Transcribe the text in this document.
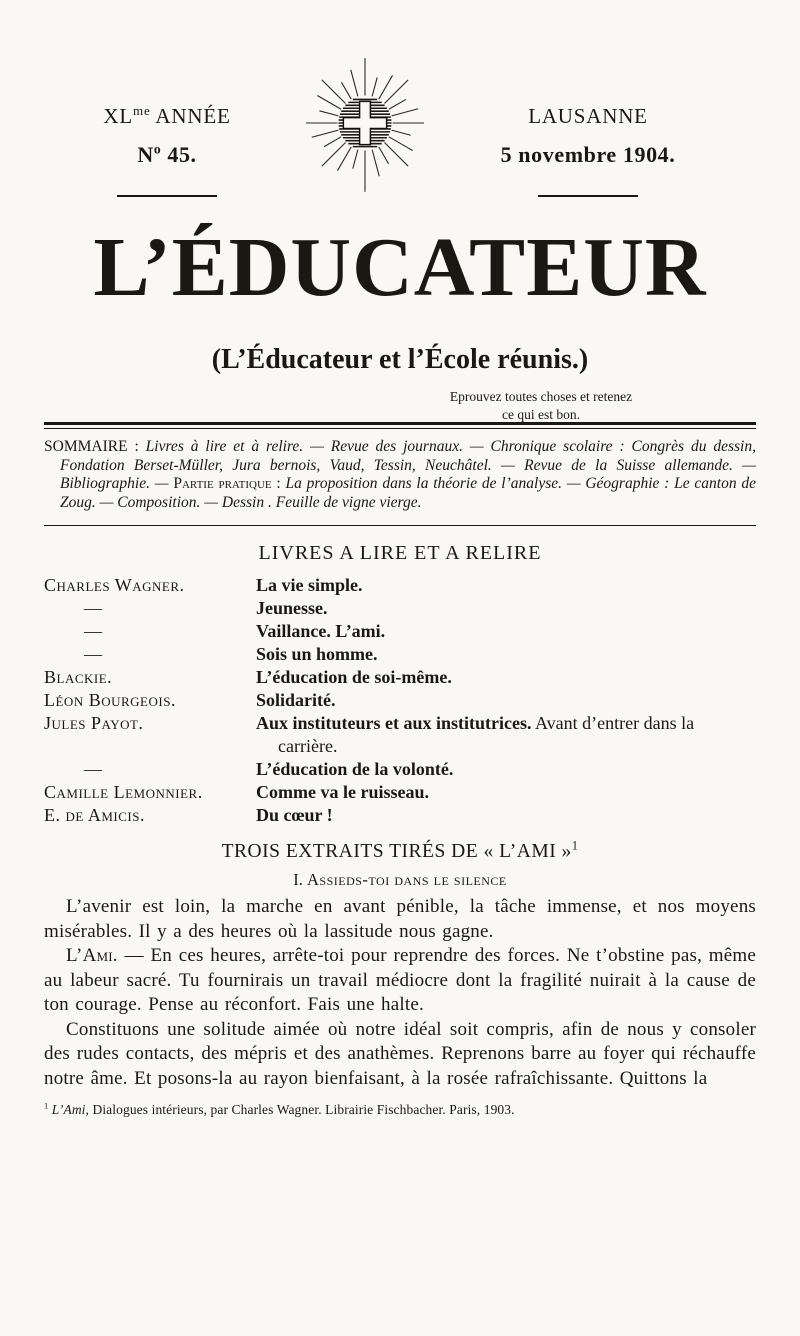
$XL^{me}$ ANNÉE
$N^o$ 45.
LAUSANNE
5 novembre 1904.
L’ÉDUCATEUR
(L’Éducateur et l’École réunis.)
Eprouvez toutes choses et retenez
ce qui est bon.

SOMMAIRE : Livres à lire et à relire. — Revue des journaux. — Chronique scolaire : Congrès du dessin, Fondation Berset-Müller, Jura bernois, Vaud, Tessin, Neuchâtel. — Revue de la Suisse allemande. — Bibliographie. — Partie pratique : La proposition dans la théorie de l’analyse. — Géographie : Le canton de Zoug. — Composition. — Dessin . Feuille de vigne vierge.

LIVRES A LIRE ET A RELIRE
Charles Wagner.	La vie simple.
—	Jeunesse.
—	Vaillance. L’ami.
—	Sois un homme.
Blackie.	L’éducation de soi-même.
Léon Bourgeois.	Solidarité.
Jules Payot.	Aux instituteurs et aux institutrices. Avant d’entrer dans la carrière.
—	L’éducation de la volonté.
Camille Lemonnier.	Comme va le ruisseau.
E. de Amicis.	Du cœur !
TROIS EXTRAITS TIRÉS DE « L’AMI »$^1$
I. Assieds-toi dans le silence

L’avenir est loin, la marche en avant pénible, la tâche immense, et nos moyens misérables. Il y a des heures où la lassitude nous gagne.

L’Ami. — En ces heures, arrête-toi pour reprendre des forces. Ne t’obstine pas, même au labeur sacré. Tu fournirais un travail médiocre dont la fragilité nuirait à la cause de ton courage. Pense au réconfort. Fais une halte.

Constituons une solitude aimée où notre idéal soit compris, afin de nous y consoler des rudes contacts, des mépris et des anathèmes. Reprenons barre au foyer qui réchauffe notre âme. Et posons-la au rayon bienfaisant, à la rosée rafraîchissante. Quittons la

$^1$ L’Ami, Dialogues intérieurs, par Charles Wagner. Librairie Fischbacher. Paris, 1903.
